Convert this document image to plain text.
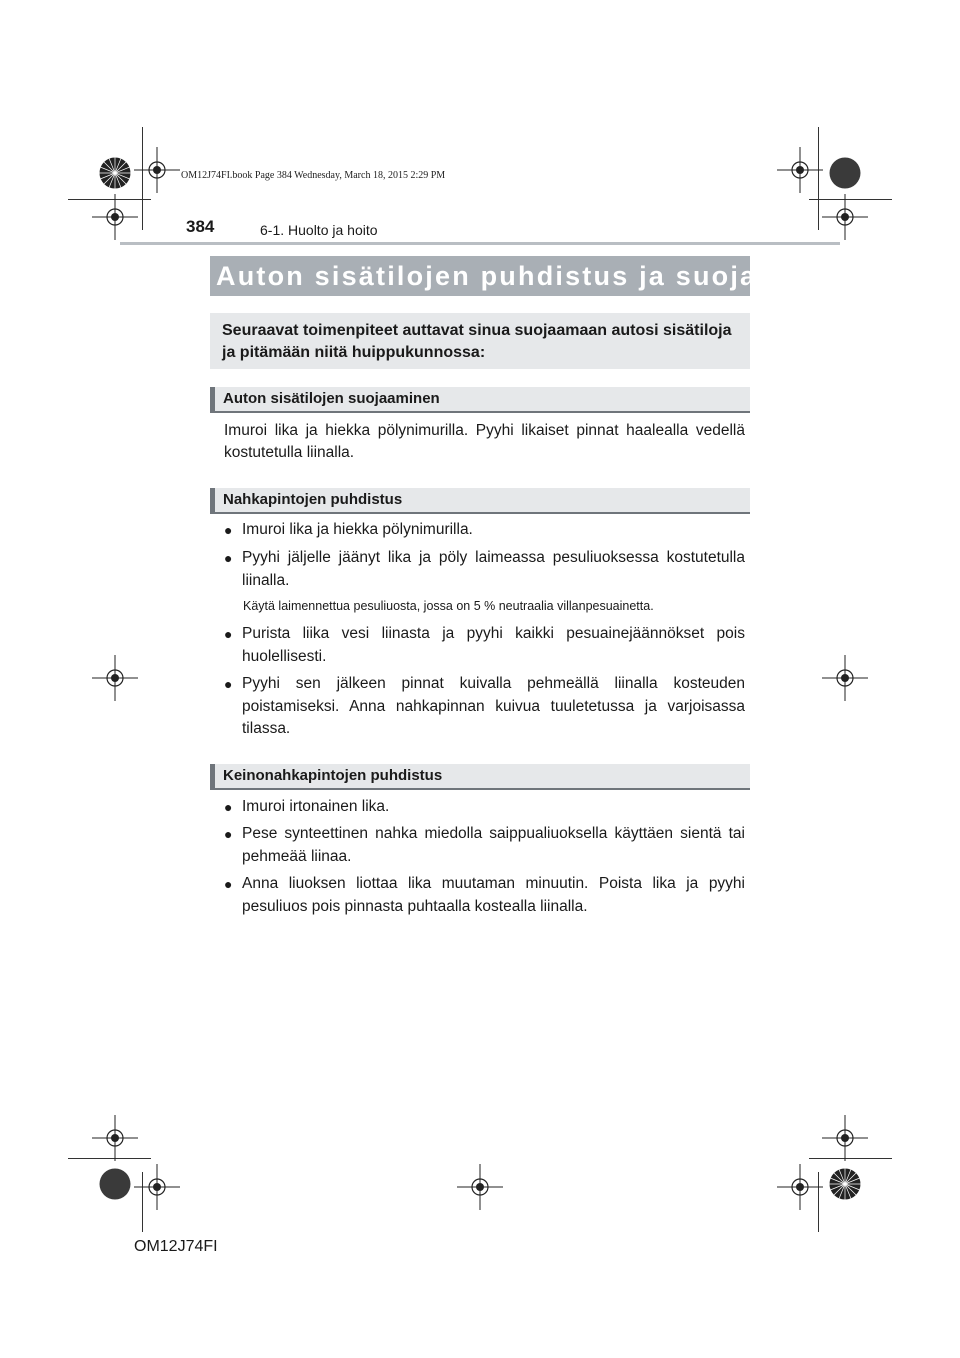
OM12J74FI.book Page 384 Wednesday, March 18, 2015 2:29 PM
384	6-1. Huolto ja hoito
Auton sisätilojen puhdistus ja suojaus
Seuraavat toimenpiteet auttavat sinua suojaamaan autosi sisätiloja ja pitämään niitä huippukunnossa:
Auton sisätilojen suojaaminen

Imuroi lika ja hiekka pölynimurilla. Pyyhi likaiset pinnat haalealla vedellä kostutetulla liinalla.

Nahkapintojen puhdistus
● Imuroi lika ja hiekka pölynimurilla.
● Pyyhi jäljelle jäänyt lika ja pöly laimeassa pesuliuoksessa kostutetulla liinalla.
Käytä laimennettua pesuliuosta, jossa on 5 % neutraalia villanpesuainetta.
● Purista liika vesi liinasta ja pyyhi kaikki pesuainejäännökset pois huolellisesti.
● Pyyhi sen jälkeen pinnat kuivalla pehmeällä liinalla kosteuden poistamiseksi. Anna nahkapinnan kuivua tuuletetussa ja varjoisassa tilassa.
Keinonahkapintojen puhdistus
● Imuroi irtonainen lika.
● Pese synteettinen nahka miedolla saippualiuoksella käyttäen sientä tai pehmeää liinaa.
● Anna liuoksen liottaa lika muutaman minuutin. Poista lika ja pyyhi pesuliuos pois pinnasta puhtaalla kostealla liinalla.
OM12J74FI
